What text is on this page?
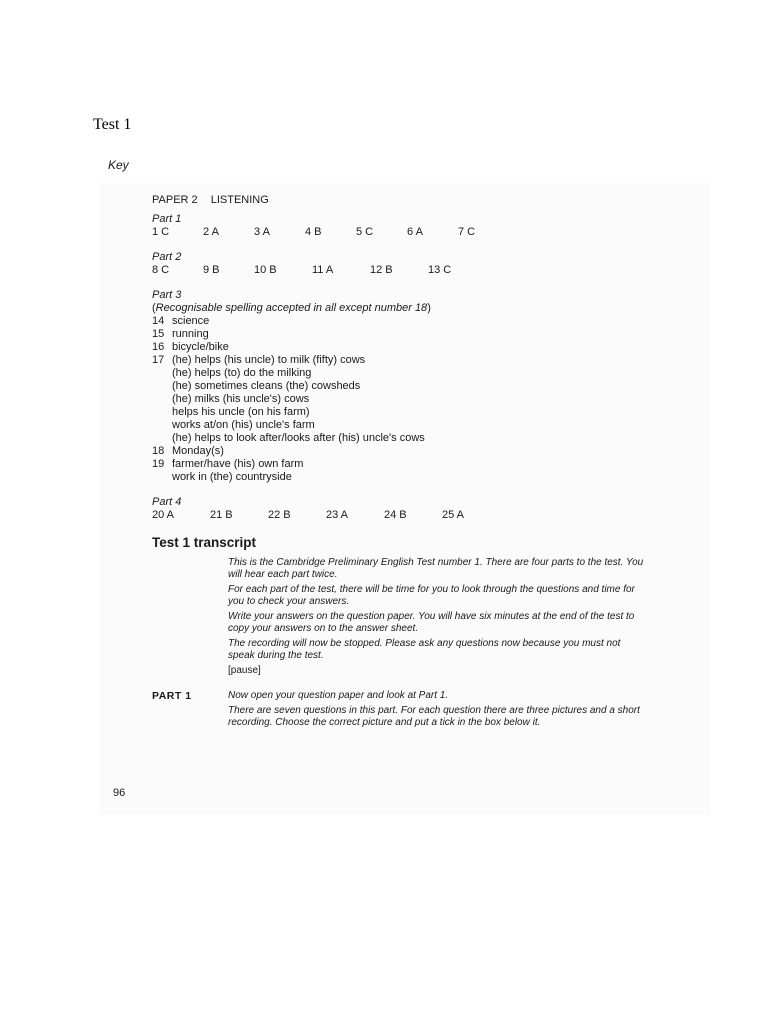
Test 1
Key
PAPER 2 LISTENING
Part 1
1 C	2 A	3 A	4 B	5 C	6 A	7 C
Part 2
8 C	9 B	10 B	11 A	12 B	13 C
Part 3
(Recognisable spelling accepted in all except number 18)
14 science
15 running
16 bicycle/bike
17 (he) helps (his uncle) to milk (fifty) cows
(he) helps (to) do the milking
(he) sometimes cleans (the) cowsheds
(he) milks (his uncle's) cows
helps his uncle (on his farm)
works at/on (his) uncle's farm
(he) helps to look after/looks after (his) uncle's cows
18 Monday(s)
19 farmer/have (his) own farm
work in (the) countryside
Part 4
20 A	21 B	22 B	23 A	24 B	25 A
Test 1 transcript

This is the Cambridge Preliminary English Test number 1. There are four parts to the test. You will hear each part twice.

For each part of the test, there will be time for you to look through the questions and time for you to check your answers.

Write your answers on the question paper. You will have six minutes at the end of the test to copy your answers on to the answer sheet.

The recording will now be stopped. Please ask any questions now because you must not speak during the test.

[pause]

PART 1	Now open your question paper and look at Part 1.

There are seven questions in this part. For each question there are three pictures and a short recording. Choose the correct picture and put a tick in the box below it.

96
